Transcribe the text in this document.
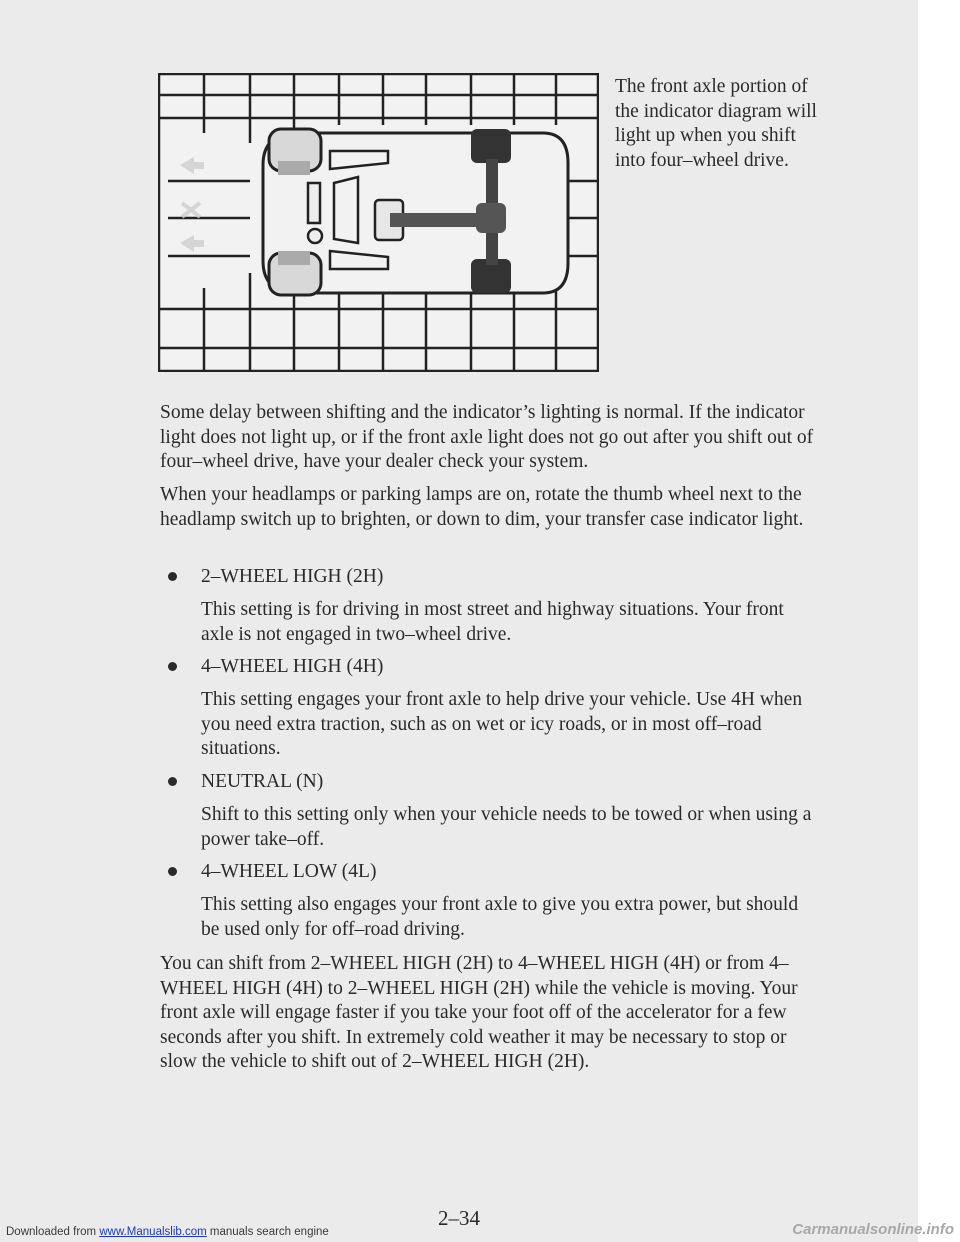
The front axle portion of the indicator diagram will light up when you shift into four–wheel drive.

Some delay between shifting and the indicator’s lighting is normal. If the indicator light does not light up, or if the front axle light does not go out after you shift out of four–wheel drive, have your dealer check your system.

When your headlamps or parking lamps are on, rotate the thumb wheel next to the headlamp switch up to brighten, or down to dim, your transfer case indicator light.

2–WHEEL HIGH (2H)
This setting is for driving in most street and highway situations. Your front axle is not engaged in two–wheel drive.
4–WHEEL HIGH (4H)
This setting engages your front axle to help drive your vehicle. Use 4H when you need extra traction, such as on wet or icy roads, or in most off–road situations.
NEUTRAL (N)
Shift to this setting only when your vehicle needs to be towed or when using a power take–off.
4–WHEEL LOW (4L)
This setting also engages your front axle to give you extra power, but should be used only for off–road driving.

You can shift from 2–WHEEL HIGH (2H) to 4–WHEEL HIGH (4H) or from 4–WHEEL HIGH (4H) to 2–WHEEL HIGH (2H) while the vehicle is moving. Your front axle will engage faster if you take your foot off of the accelerator for a few seconds after you shift. In extremely cold weather it may be necessary to stop or slow the vehicle to shift out of 2–WHEEL HIGH (2H).

2–34
Downloaded from www.Manualslib.com manuals search engine	Carmanualsonline.info
